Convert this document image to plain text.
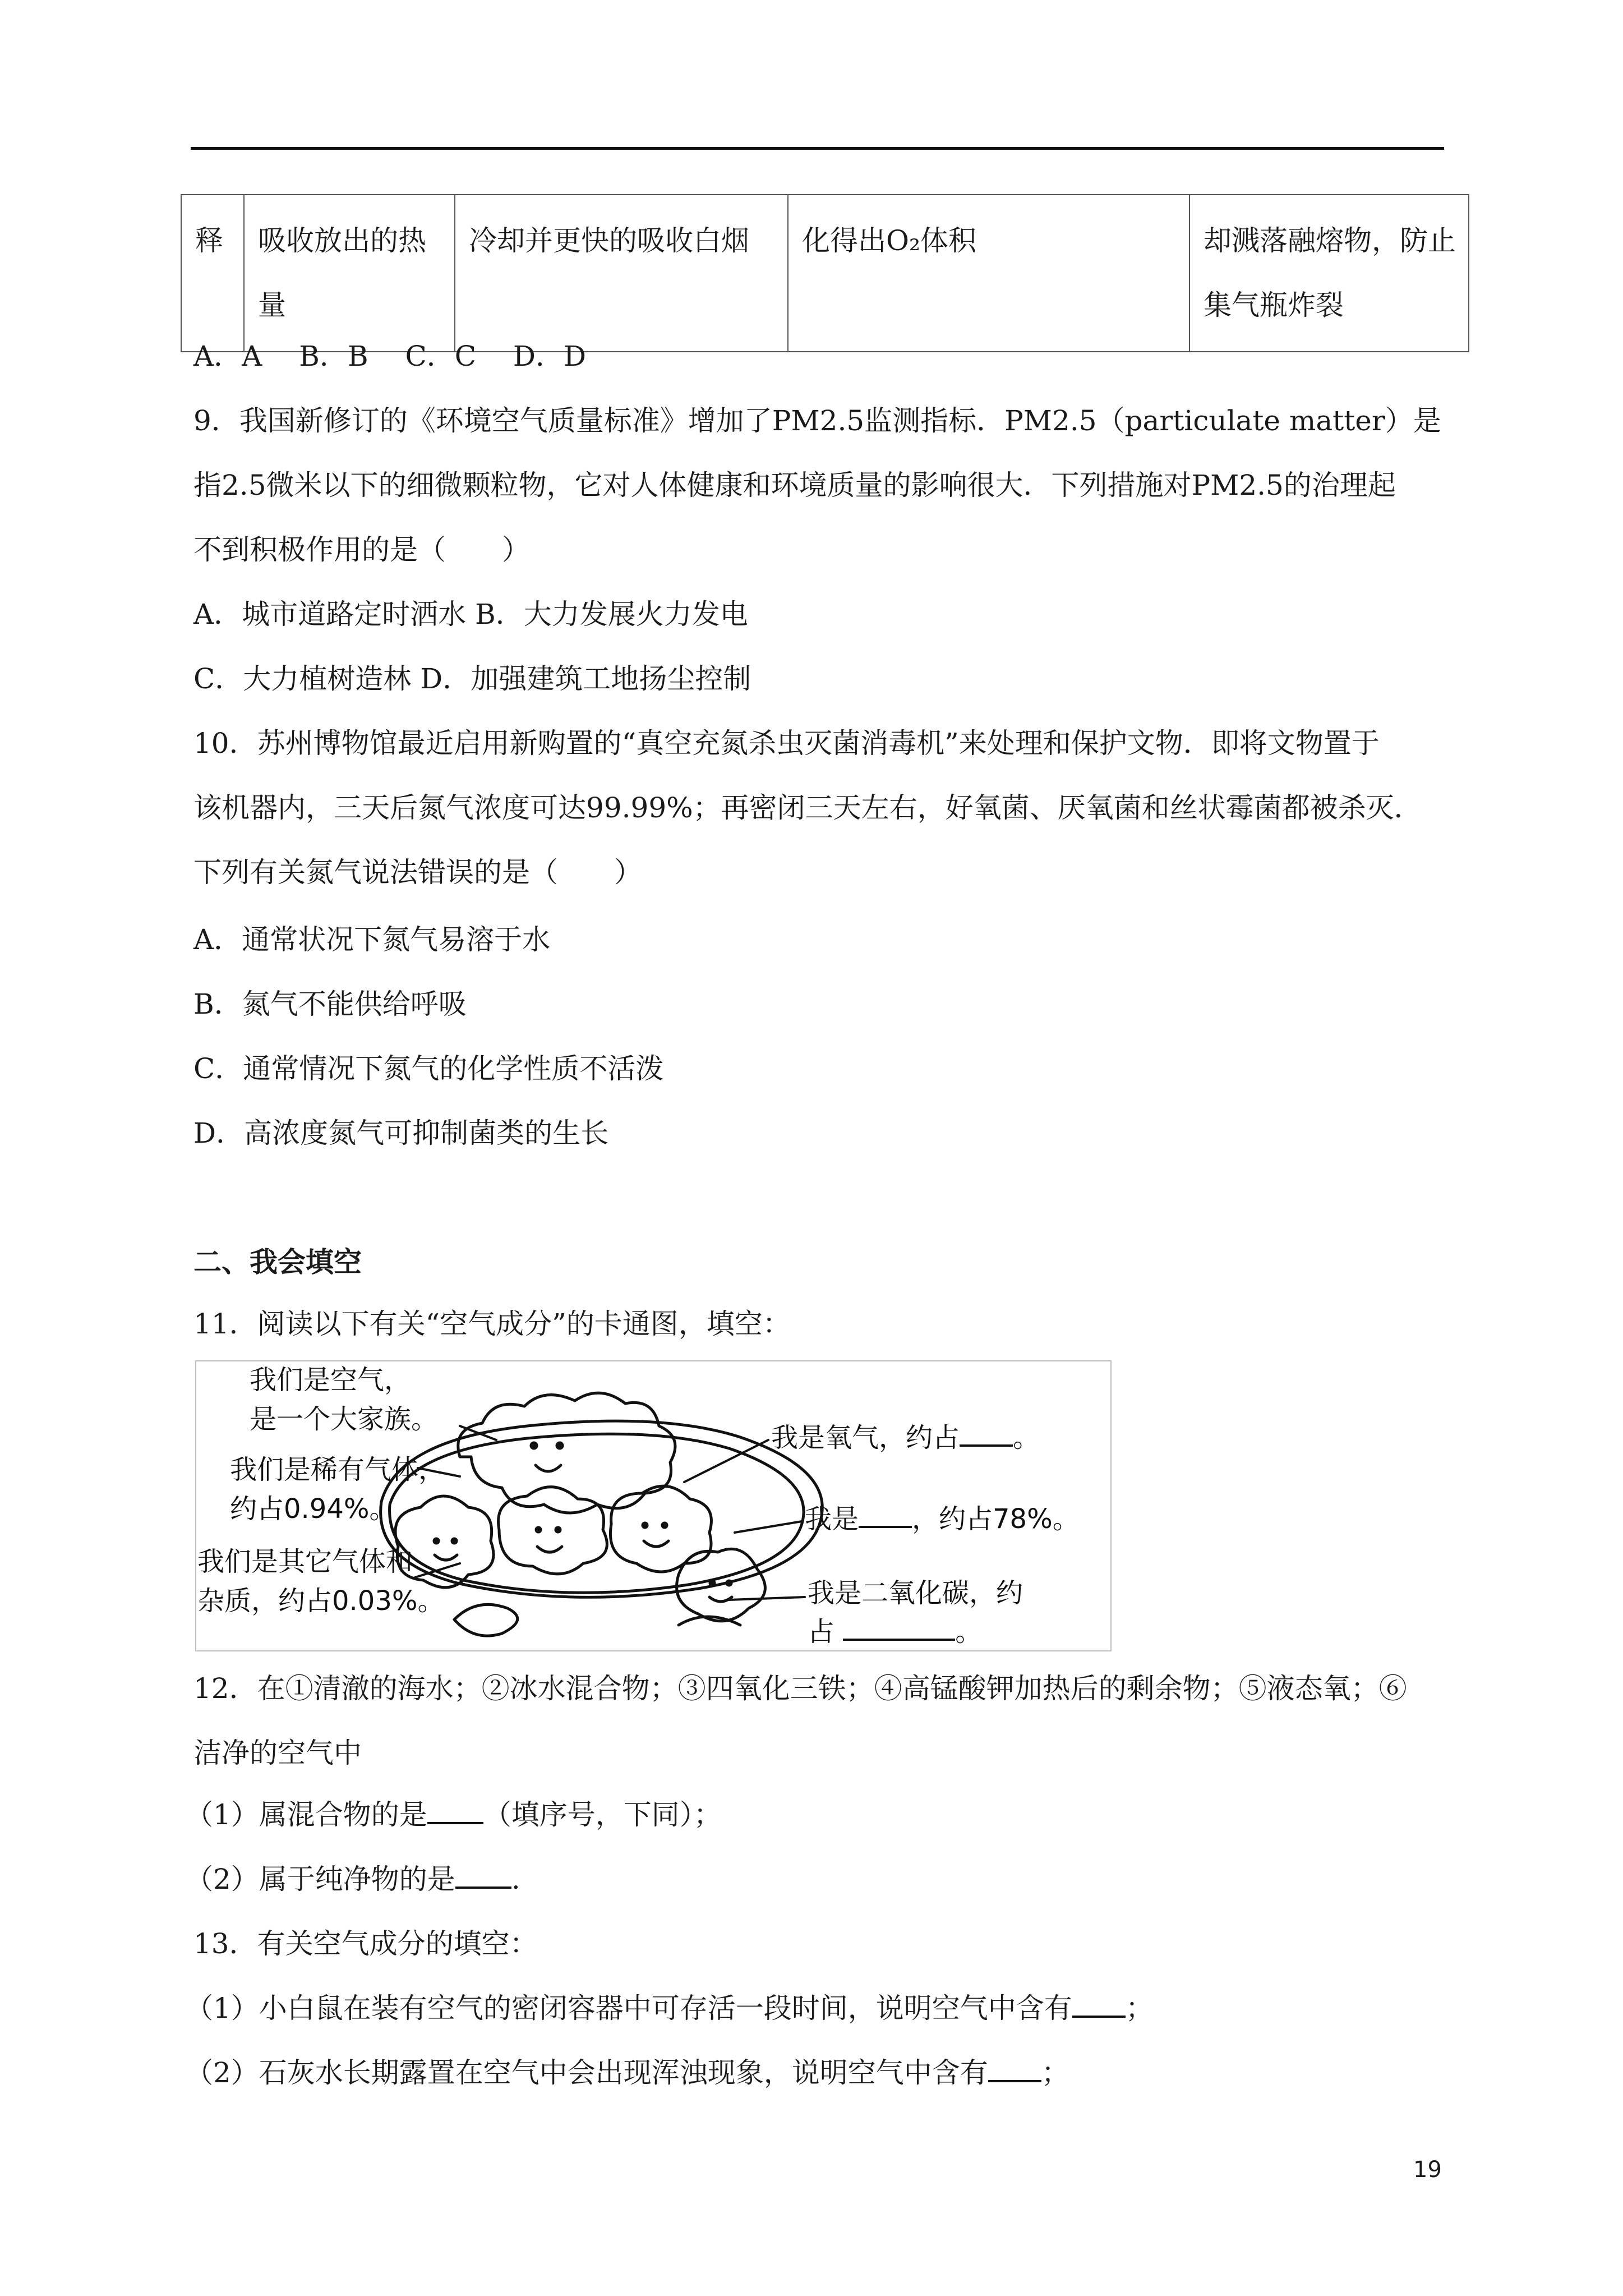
释	吸收放出的热量	冷却并更快的吸收白烟	化得出O₂体积	却溅落融熔物，防止集气瓶炸裂
A．A　 B．B　 C．C　 D．D
9．我国新修订的《环境空气质量标准》增加了PM2.5监测指标．PM2.5（particulate matter）是
指2.5微米以下的细微颗粒物，它对人体健康和环境质量的影响很大．下列措施对PM2.5的治理起
不到积极作用的是（　　）
A．城市道路定时洒水 B．大力发展火力发电
C．大力植树造林 D．加强建筑工地扬尘控制
10．苏州博物馆最近启用新购置的“真空充氮杀虫灭菌消毒机”来处理和保护文物．即将文物置于
该机器内，三天后氮气浓度可达99.99%；再密闭三天左右，好氧菌、厌氧菌和丝状霉菌都被杀灭．
下列有关氮气说法错误的是（　　）
A．通常状况下氮气易溶于水
B．氮气不能供给呼吸
C．通常情况下氮气的化学性质不活泼
D．高浓度氮气可抑制菌类的生长
二、我会填空
11．阅读以下有关“空气成分”的卡通图，填空：
我们是空气，
是一个大家族。
我们是稀有气体，
约占0.94%。
我们是其它气体和
杂质，约占0.03%。
我是氧气，约占 。
我是 ，约占78%。
我是二氧化碳，约
占	。
12．在①清澈的海水；②冰水混合物；③四氧化三铁；④高锰酸钾加热后的剩余物；⑤液态氧；⑥
洁净的空气中
（1）属混合物的是 （填序号，下同）；
（2）属于纯净物的是 .
13．有关空气成分的填空：
（1）小白鼠在装有空气的密闭容器中可存活一段时间，说明空气中含有 ；
（2）石灰水长期露置在空气中会出现浑浊现象，说明空气中含有 ；
19
